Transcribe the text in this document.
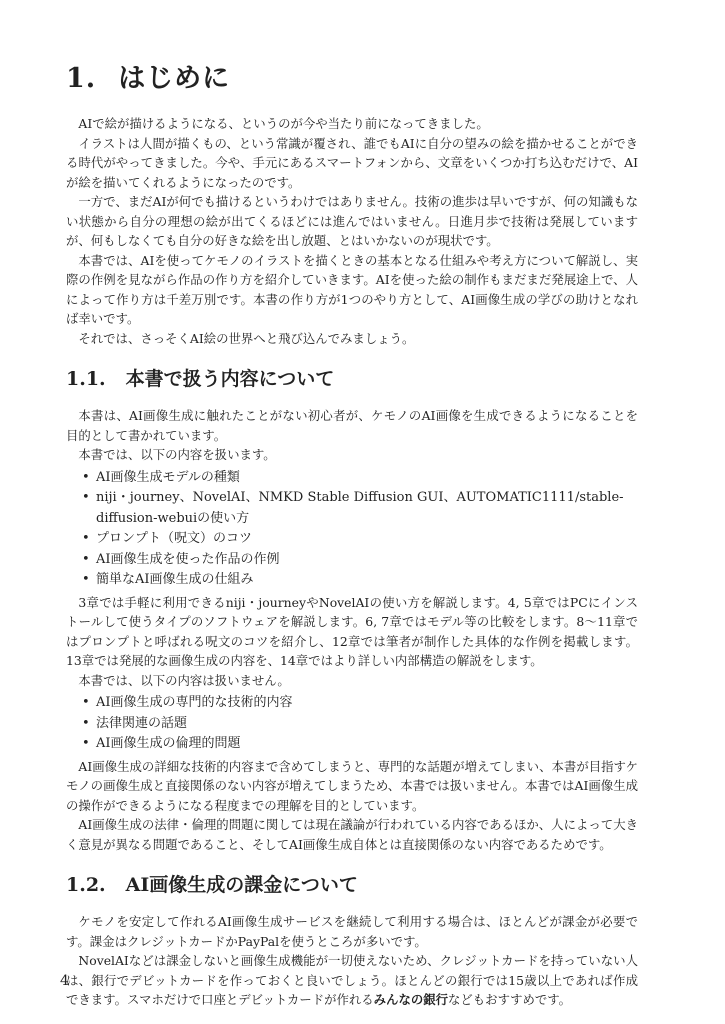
1. はじめに

AIで絵が描けるようになる、というのが今や当たり前になってきました。

イラストは人間が描くもの、という常識が覆され、誰でもAIに自分の望みの絵を描かせることができる時代がやってきました。今や、手元にあるスマートフォンから、文章をいくつか打ち込むだけで、AIが絵を描いてくれるようになったのです。

一方で、まだAIが何でも描けるというわけではありません。技術の進歩は早いですが、何の知識もない状態から自分の理想の絵が出てくるほどには進んではいません。日進月歩で技術は発展していますが、何もしなくても自分の好きな絵を出し放題、とはいかないのが現状です。

本書では、AIを使ってケモノのイラストを描くときの基本となる仕組みや考え方について解説し、実際の作例を見ながら作品の作り方を紹介していきます。AIを使った絵の制作もまだまだ発展途上で、人によって作り方は千差万別です。本書の作り方が1つのやり方として、AI画像生成の学びの助けとなれば幸いです。

それでは、さっそくAI絵の世界へと飛び込んでみましょう。

1.1. 本書で扱う内容について

本書は、AI画像生成に触れたことがない初心者が、ケモノのAI画像を生成できるようになることを目的として書かれています。

本書では、以下の内容を扱います。

• AI画像生成モデルの種類
• niji・journey、NovelAI、NMKD Stable Diffusion GUI、AUTOMATIC1111/stable-diffusion-webuiの使い方
• プロンプト（呪文）のコツ
• AI画像生成を使った作品の作例
• 簡単なAI画像生成の仕組み

3章では手軽に利用できるniji・journeyやNovelAIの使い方を解説します。4, 5章ではPCにインストールして使うタイプのソフトウェアを解説します。6, 7章ではモデル等の比較をします。8〜11章ではプロンプトと呼ばれる呪文のコツを紹介し、12章では筆者が制作した具体的な作例を掲載します。13章では発展的な画像生成の内容を、14章ではより詳しい内部構造の解説をします。

本書では、以下の内容は扱いません。

• AI画像生成の専門的な技術的内容
• 法律関連の話題
• AI画像生成の倫理的問題

AI画像生成の詳細な技術的内容まで含めてしまうと、専門的な話題が増えてしまい、本書が目指すケモノの画像生成と直接関係のない内容が増えてしまうため、本書では扱いません。本書ではAI画像生成の操作ができるようになる程度までの理解を目的としています。

AI画像生成の法律・倫理的問題に関しては現在議論が行われている内容であるほか、人によって大きく意見が異なる問題であること、そしてAI画像生成自体とは直接関係のない内容であるためです。

1.2. AI画像生成の課金について

ケモノを安定して作れるAI画像生成サービスを継続して利用する場合は、ほとんどが課金が必要です。課金はクレジットカードかPayPalを使うところが多いです。

NovelAIなどは課金しないと画像生成機能が一切使えないため、クレジットカードを持っていない人は、銀行でデビットカードを作っておくと良いでしょう。ほとんどの銀行では15歳以上であれば作成できます。スマホだけで口座とデビットカードが作れるみんなの銀行などもおすすめです。

4
